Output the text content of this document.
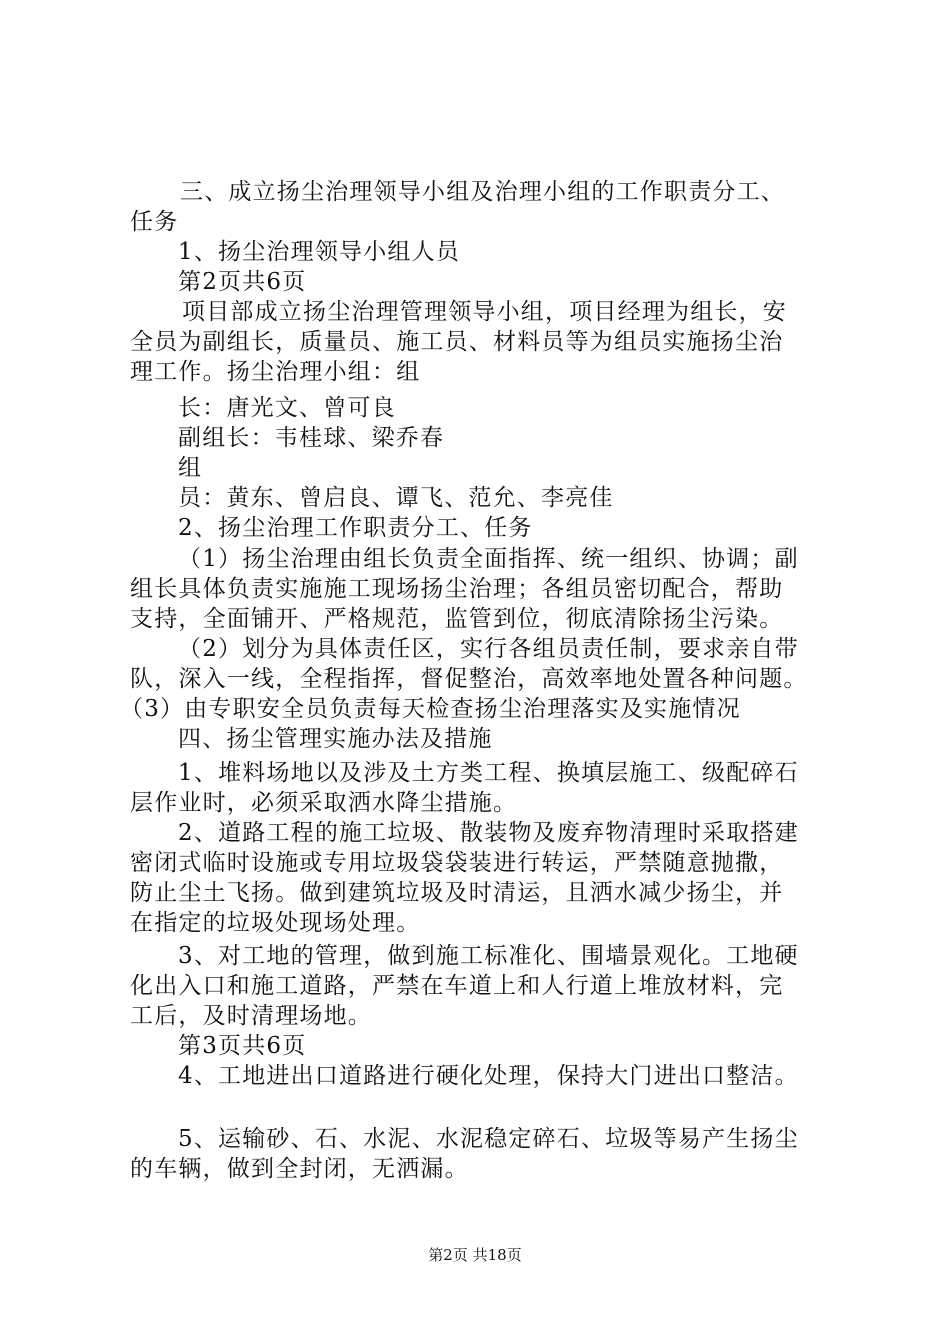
三、成立扬尘治理领导小组及治理小组的工作职责分工、
任务
1、扬尘治理领导小组人员
第2页共6页
项目部成立扬尘治理管理领导小组，项目经理为组长，安
全员为副组长，质量员、施工员、材料员等为组员实施扬尘治
理工作。扬尘治理小组：组
长：唐光文、曾可良
副组长：韦桂球、梁乔春
组
员：黄东、曾启良、谭飞、范允、李亮佳
2、扬尘治理工作职责分工、任务
（1）扬尘治理由组长负责全面指挥、统一组织、协调；副
组长具体负责实施施工现场扬尘治理；各组员密切配合，帮助
支持，全面铺开、严格规范，监管到位，彻底清除扬尘污染。
（2）划分为具体责任区，实行各组员责任制，要求亲自带
队，深入一线，全程指挥，督促整治，高效率地处置各种问题。
（3）由专职安全员负责每天检查扬尘治理落实及实施情况
四、扬尘管理实施办法及措施
1、堆料场地以及涉及土方类工程、换填层施工、级配碎石
层作业时，必须采取洒水降尘措施。
2、道路工程的施工垃圾、散装物及废弃物清理时采取搭建
密闭式临时设施或专用垃圾袋袋装进行转运，严禁随意抛撒，
防止尘土飞扬。做到建筑垃圾及时清运，且洒水减少扬尘，并
在指定的垃圾处现场处理。
3、对工地的管理，做到施工标准化、围墙景观化。工地硬
化出入口和施工道路，严禁在车道上和人行道上堆放材料，完
工后，及时清理场地。
第3页共6页
4、工地进出口道路进行硬化处理，保持大门进出口整洁。
5、运输砂、石、水泥、水泥稳定碎石、垃圾等易产生扬尘
的车辆，做到全封闭，无洒漏。
第2页 共18页
